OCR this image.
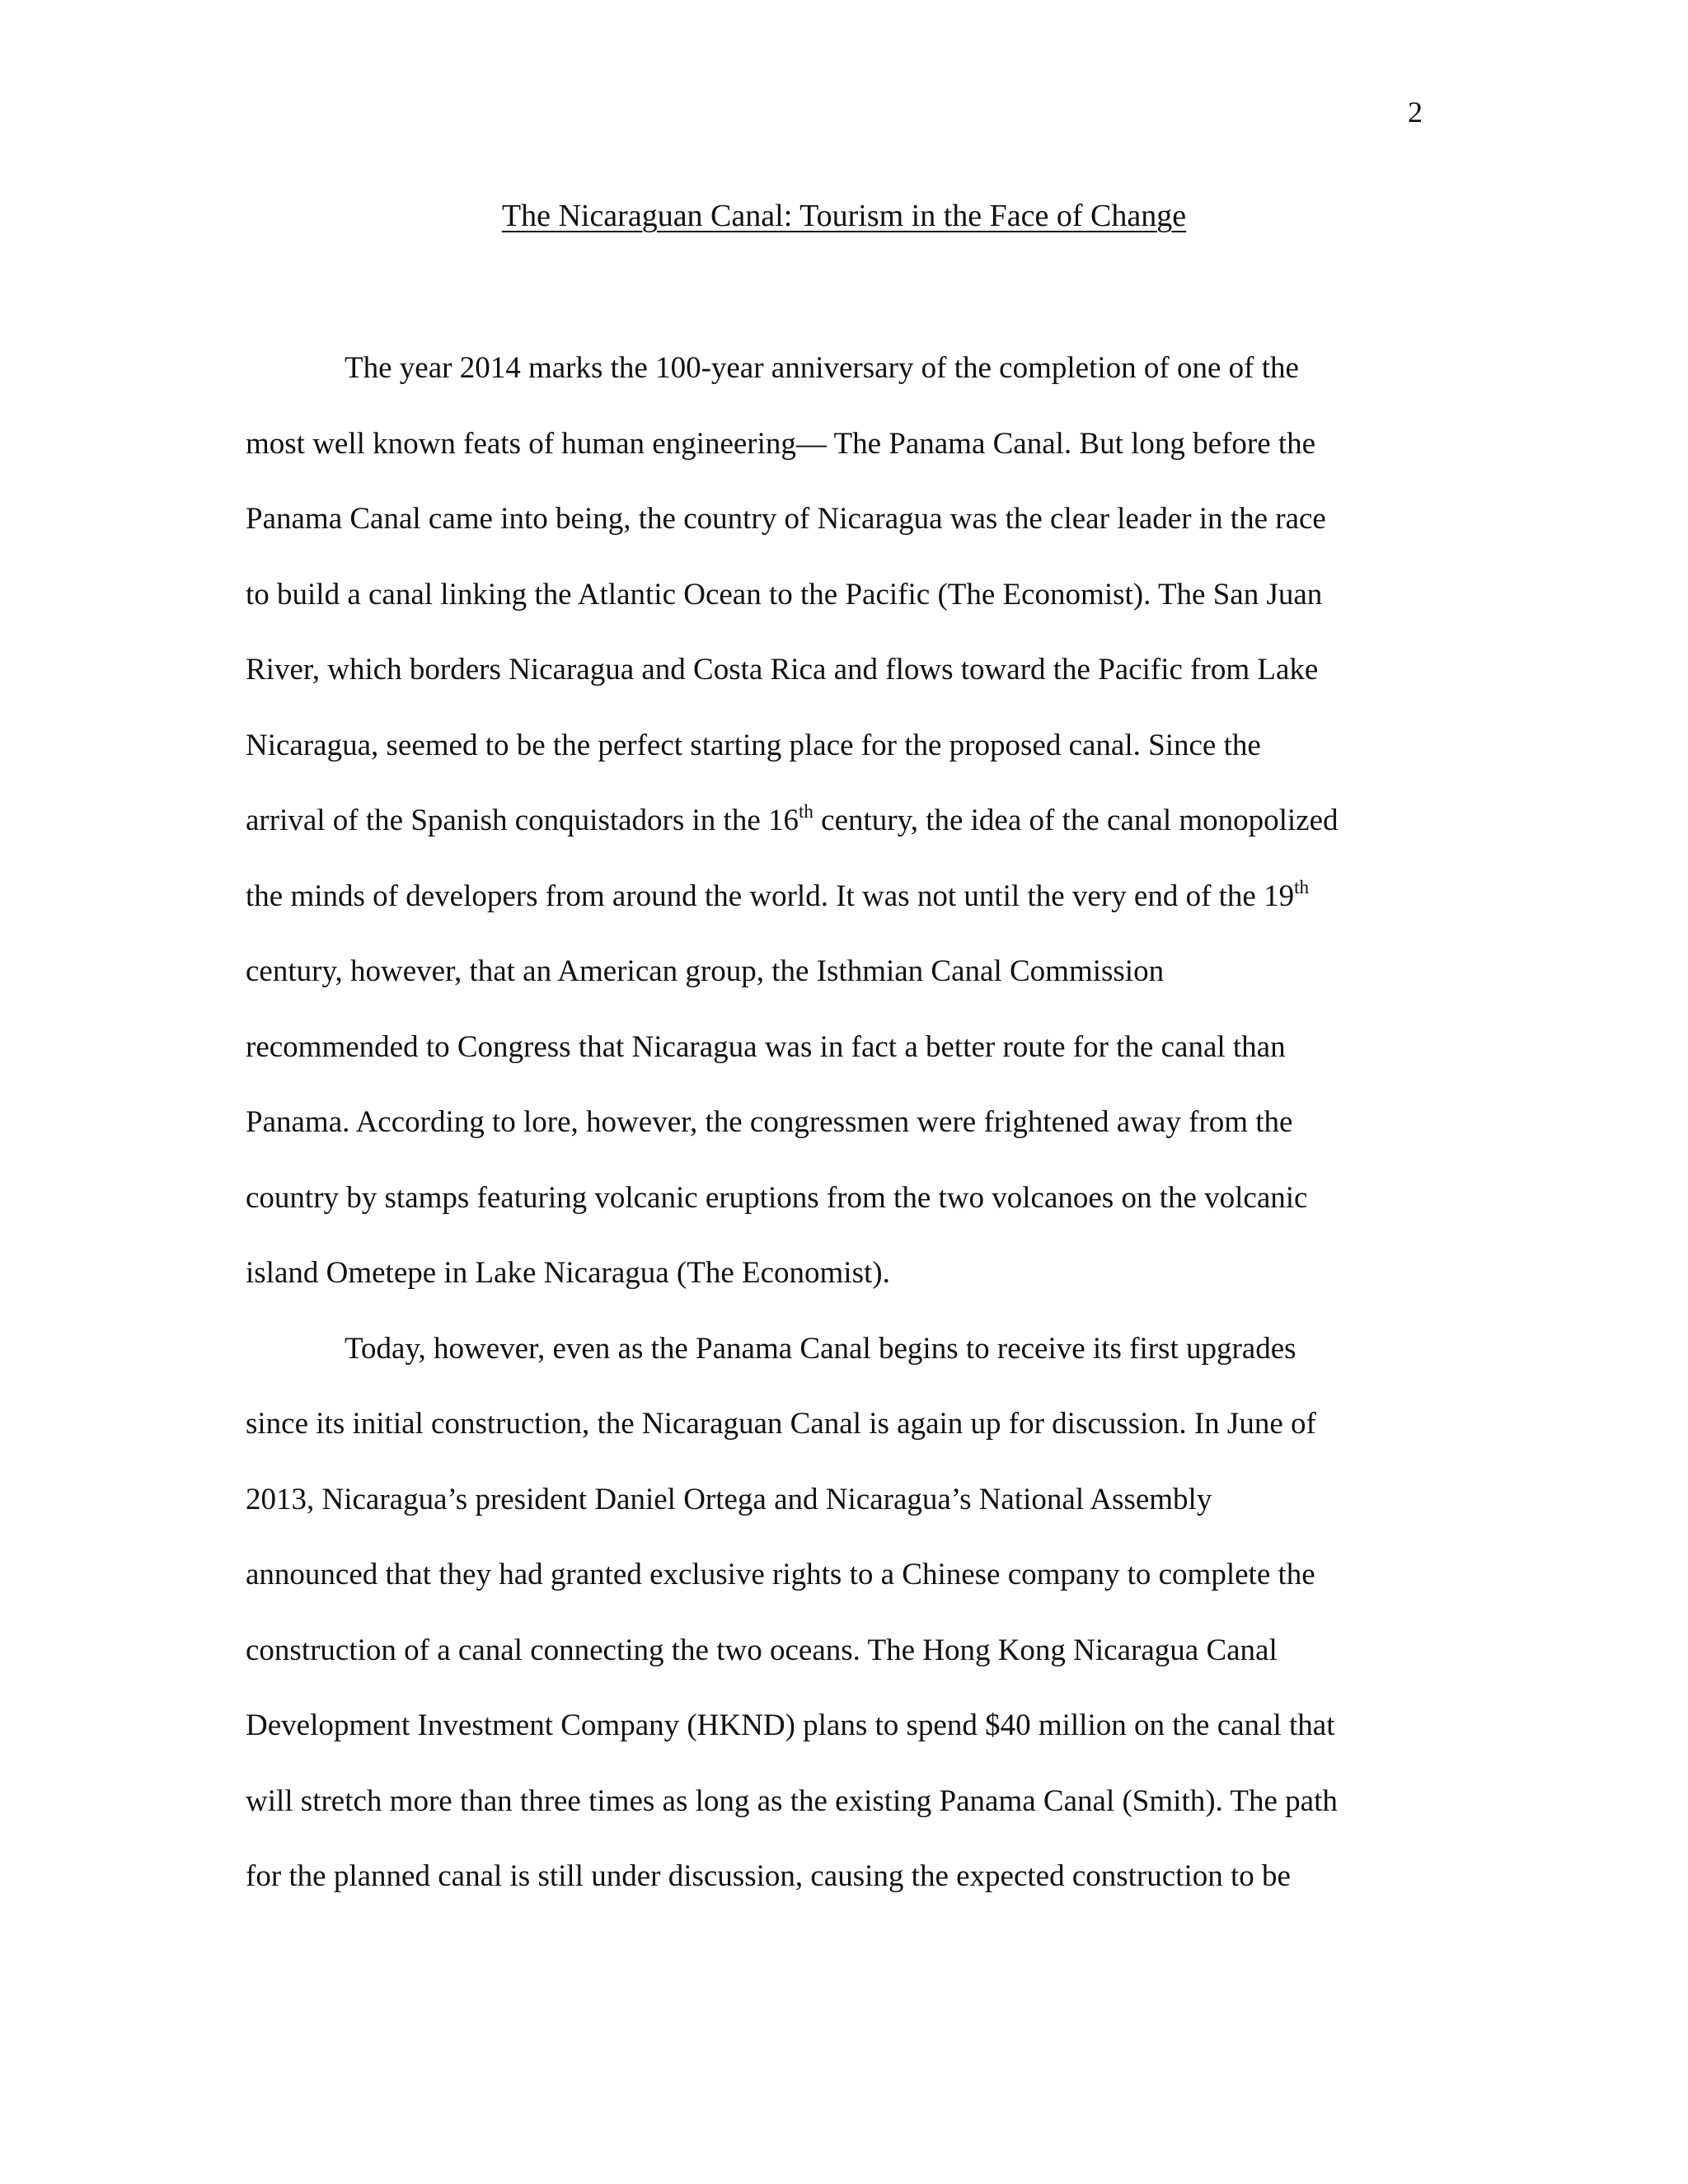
2
The Nicaraguan Canal: Tourism in the Face of Change
The year 2014 marks the 100-year anniversary of the completion of one of the
most well known feats of human engineering— The Panama Canal. But long before the
Panama Canal came into being, the country of Nicaragua was the clear leader in the race
to build a canal linking the Atlantic Ocean to the Pacific (The Economist). The San Juan
River, which borders Nicaragua and Costa Rica and flows toward the Pacific from Lake
Nicaragua, seemed to be the perfect starting place for the proposed canal. Since the
arrival of the Spanish conquistadors in the 16th century, the idea of the canal monopolized
the minds of developers from around the world. It was not until the very end of the 19th
century, however, that an American group, the Isthmian Canal Commission
recommended to Congress that Nicaragua was in fact a better route for the canal than
Panama. According to lore, however, the congressmen were frightened away from the
country by stamps featuring volcanic eruptions from the two volcanoes on the volcanic
island Ometepe in Lake Nicaragua (The Economist).
Today, however, even as the Panama Canal begins to receive its first upgrades
since its initial construction, the Nicaraguan Canal is again up for discussion. In June of
2013, Nicaragua’s president Daniel Ortega and Nicaragua’s National Assembly
announced that they had granted exclusive rights to a Chinese company to complete the
construction of a canal connecting the two oceans. The Hong Kong Nicaragua Canal
Development Investment Company (HKND) plans to spend $40 million on the canal that
will stretch more than three times as long as the existing Panama Canal (Smith). The path
for the planned canal is still under discussion, causing the expected construction to be
